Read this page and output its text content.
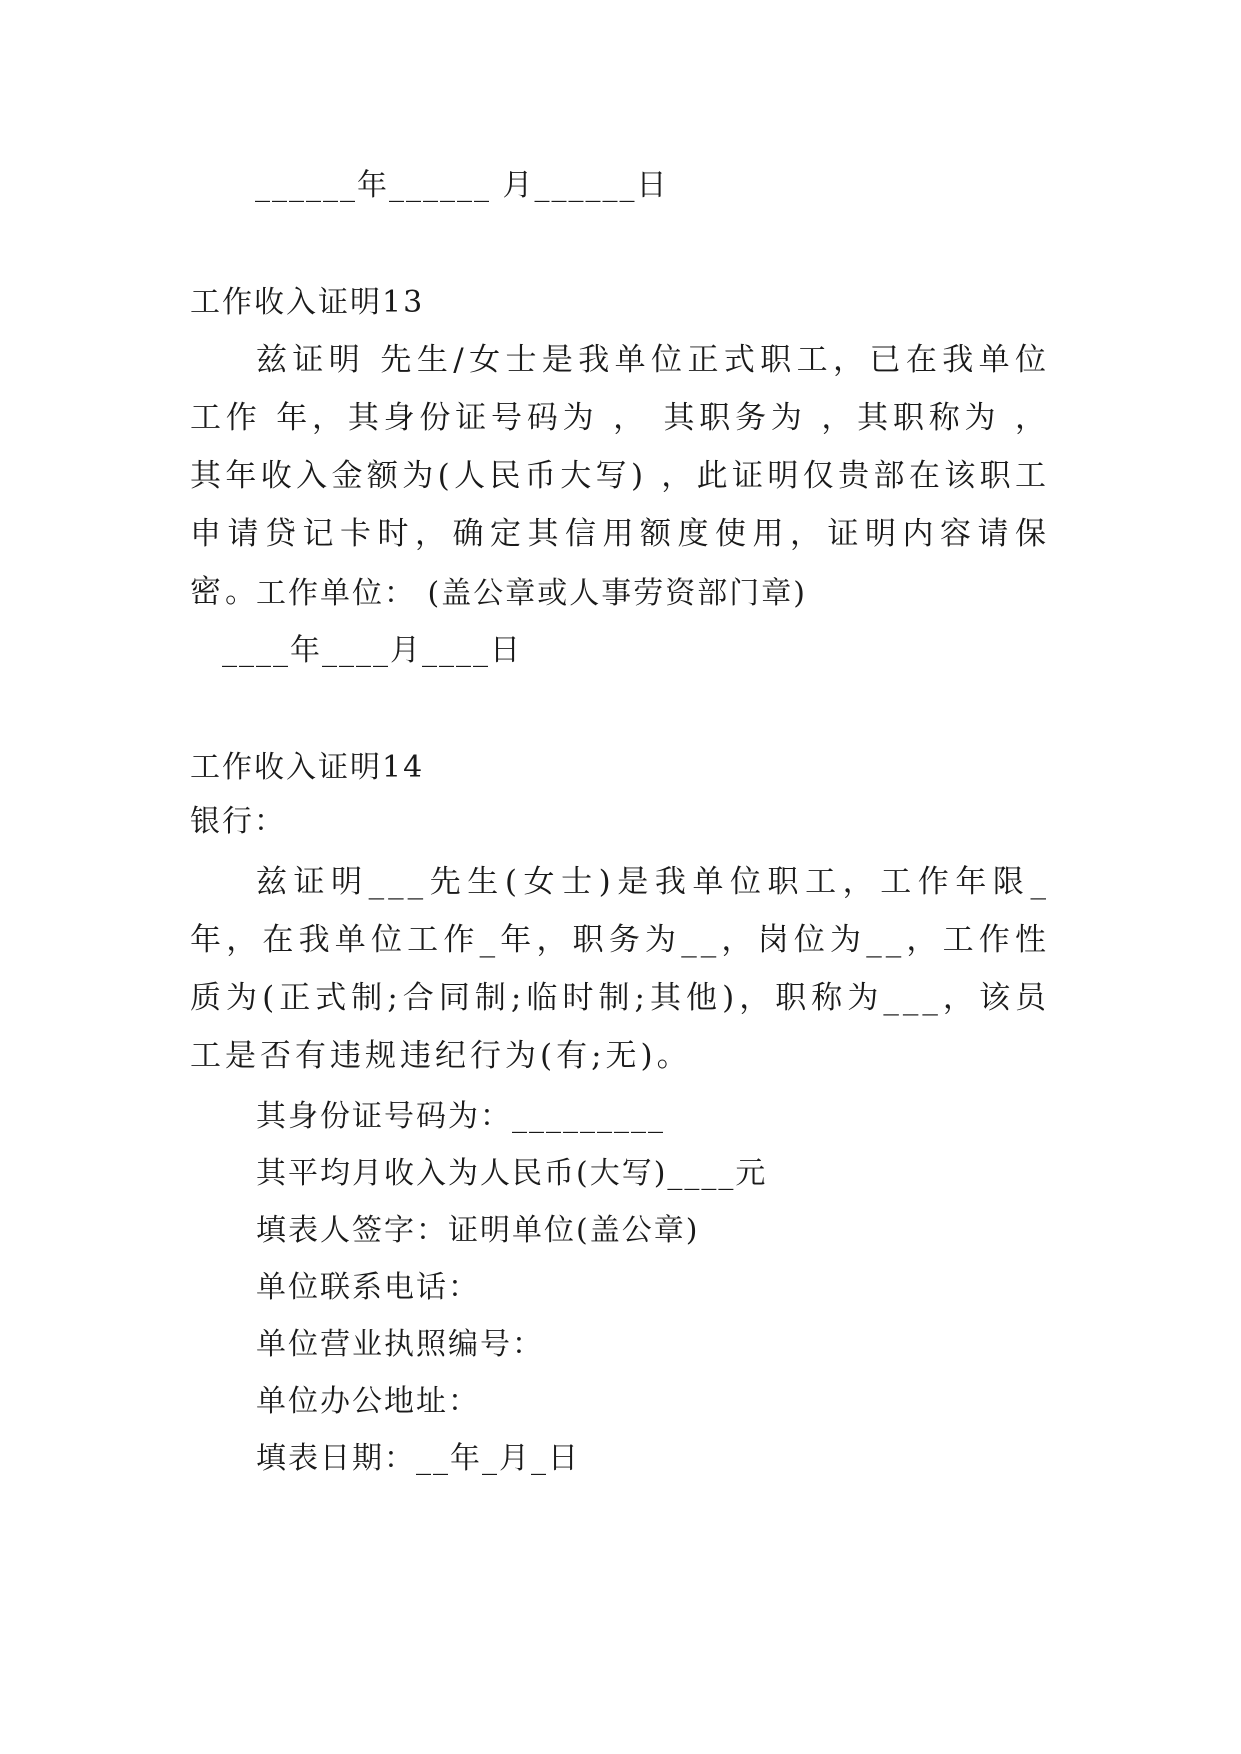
______年______ 月______日
工作收入证明13
兹证明 先生/女士是我单位正式职工，已在我单位工作 年，其身份证号码为 ， 其职务为 ，其职称为 ，其年收入金额为(人民币大写) ，此证明仅贵部在该职工申请贷记卡时，确定其信用额度使用，证明内容请保密。
工作单位： (盖公章或人事劳资部门章)
____年____月____日
工作收入证明14
银行：
兹证明___先生(女士)是我单位职工，工作年限_年，在我单位工作_年，职务为__，岗位为__，工作性质为(正式制;合同制;临时制;其他)，职称为___，该员工是否有违规违纪行为(有;无)。
其身份证号码为：_________
其平均月收入为人民币(大写)____元
填表人签字：证明单位(盖公章)
单位联系电话：
单位营业执照编号：
单位办公地址：
填表日期：__年_月_日
